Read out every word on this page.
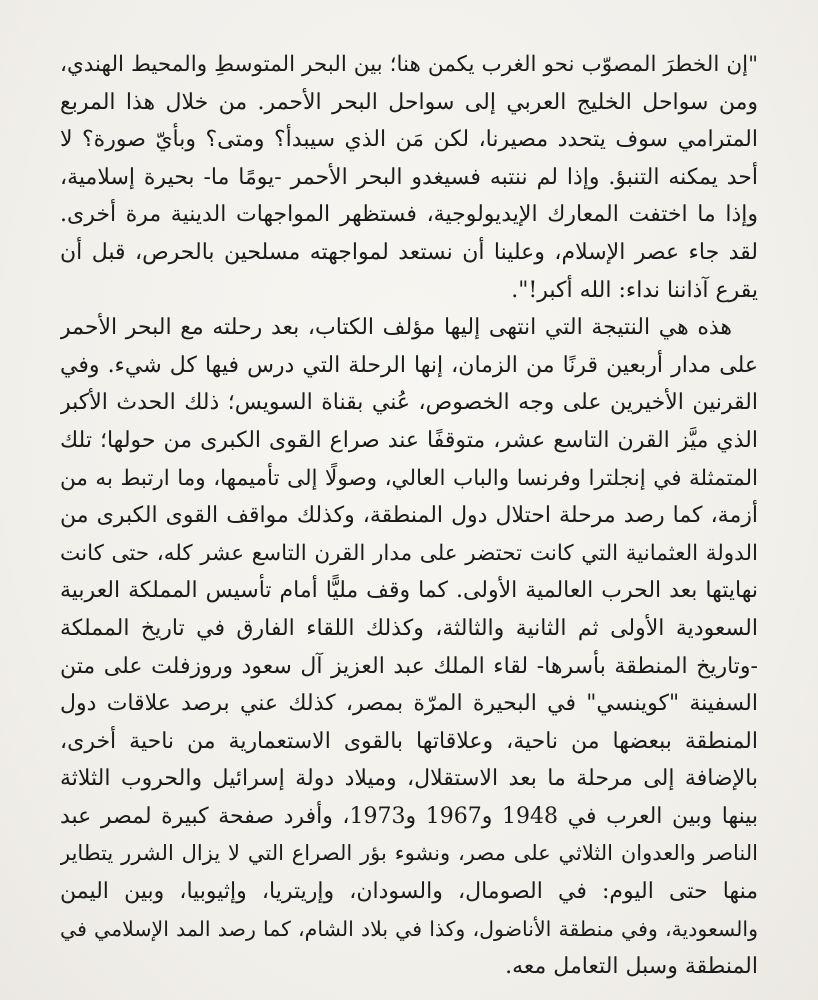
"إن الخطرَ المصوّب نحو الغرب يكمن هنا؛ بين البحر المتوسطِ والمحيط الهندي،
ومن سواحل الخليج العربي إلى سواحل البحر الأحمر. من خلال هذا المربع
المترامي سوف يتحدد مصيرنا، لكن مَن الذي سيبدأ؟ ومتى؟ وبأيّ صورة؟ لا
أحد يمكنه التنبؤ. وإذا لم ننتبه فسيغدو البحر الأحمر -يومًا ما- بحيرة إسلامية،
وإذا ما اختفت المعارك الإيديولوجية، فستظهر المواجهات الدينية مرة أخرى.
لقد جاء عصر الإسلام، وعلينا أن نستعد لمواجهته مسلحين بالحرص، قبل أن
يقرع آذاننا نداء: الله أكبر!".
هذه هي النتيجة التي انتهى إليها مؤلف الكتاب، بعد رحلته مع البحر الأحمر
على مدار أربعين قرنًا من الزمان، إنها الرحلة التي درس فيها كل شيء. وفي
القرنين الأخيرين على وجه الخصوص، عُني بقناة السويس؛ ذلك الحدث الأكبر
الذي ميَّز القرن التاسع عشر، متوقفًا عند صراع القوى الكبرى من حولها؛ تلك
المتمثلة في إنجلترا وفرنسا والباب العالي، وصولًا إلى تأميمها، وما ارتبط به من
أزمة، كما رصد مرحلة احتلال دول المنطقة، وكذلك مواقف القوى الكبرى من
الدولة العثمانية التي كانت تحتضر على مدار القرن التاسع عشر كله، حتى كانت
نهايتها بعد الحرب العالمية الأولى. كما وقف مليًّا أمام تأسيس المملكة العربية
السعودية الأولى ثم الثانية والثالثة، وكذلك اللقاء الفارق في تاريخ المملكة
-وتاريخ المنطقة بأسرها- لقاء الملك عبد العزيز آل سعود وروزفلت على متن
السفينة "كوينسي" في البحيرة المرّة بمصر، كذلك عني برصد علاقات دول
المنطقة ببعضها من ناحية، وعلاقاتها بالقوى الاستعمارية من ناحية أخرى،
بالإضافة إلى مرحلة ما بعد الاستقلال، وميلاد دولة إسرائيل والحروب الثلاثة
بينها وبين العرب في 1948 و1967 و1973، وأفرد صفحة كبيرة لمصر عبد
الناصر والعدوان الثلاثي على مصر، ونشوء بؤر الصراع التي لا يزال الشرر يتطاير
منها حتى اليوم: في الصومال، والسودان، وإريتريا، وإثيوبيا، وبين اليمن
والسعودية، وفي منطقة الأناضول، وكذا في بلاد الشام، كما رصد المد الإسلامي في
المنطقة وسبل التعامل معه.
